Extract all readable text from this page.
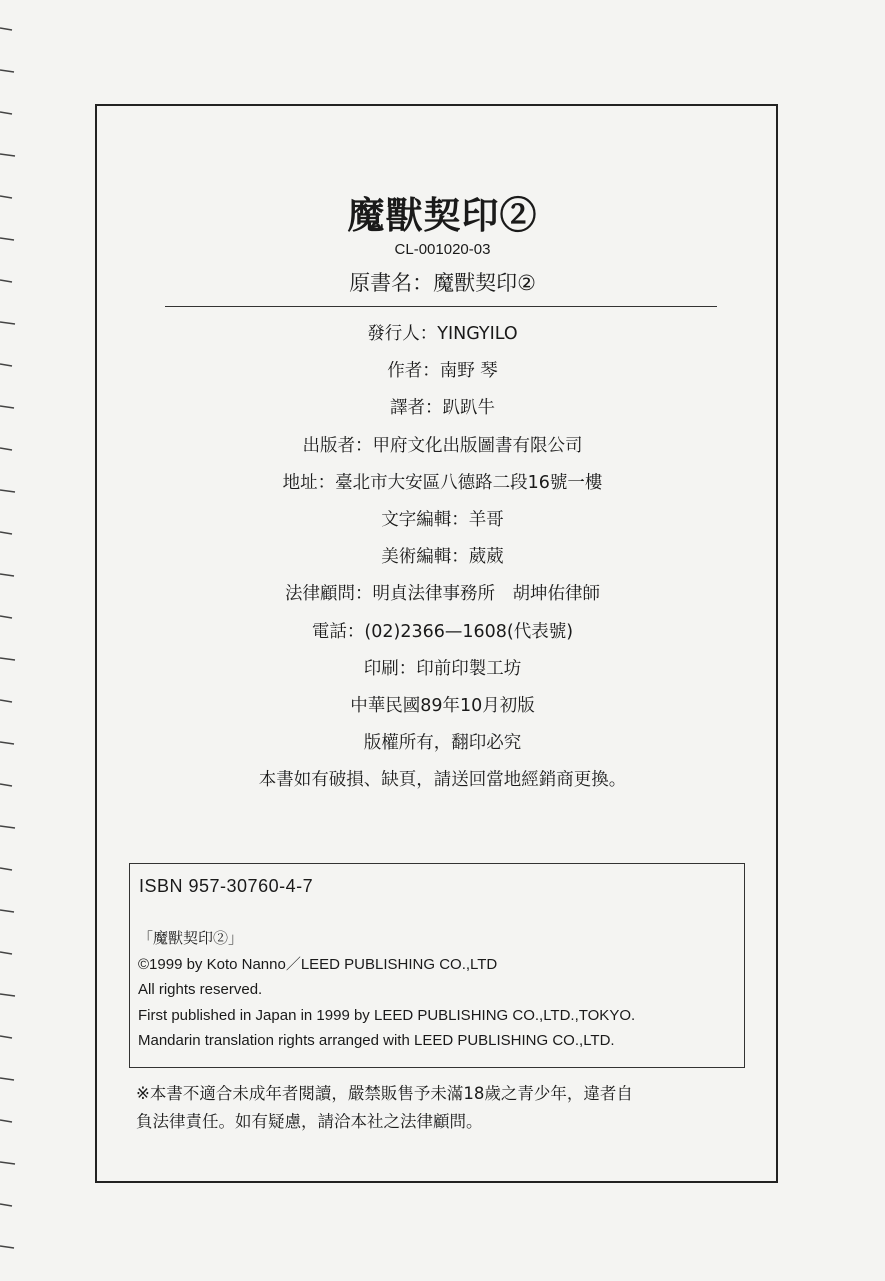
魔獸契印②
CL-001020-03
原書名：魔獸契印②
發行人：YINGYILO
作者：南野 琴
譯者：趴趴牛
出版者：甲府文化出版圖書有限公司
地址：臺北市大安區八德路二段16號一樓
文字編輯：羊哥
美術編輯：葳葳
法律顧問：明貞法律事務所　胡坤佑律師
電話：(02)2366—1608(代表號)
印刷：印前印製工坊
中華民國89年10月初版
版權所有，翻印必究
本書如有破損、缺頁，請送回當地經銷商更換。
ISBN 957-30760-4-7
「魔獸契印②」
©1999 by Koto Nanno／LEED PUBLISHING CO.,LTD
All rights reserved.
First published in Japan in 1999 by LEED PUBLISHING CO.,LTD.,TOKYO.
Mandarin translation rights arranged with LEED PUBLISHING CO.,LTD.
※本書不適合未成年者閱讀，嚴禁販售予未滿18歲之青少年，違者自
負法律責任。如有疑慮，請洽本社之法律顧問。
